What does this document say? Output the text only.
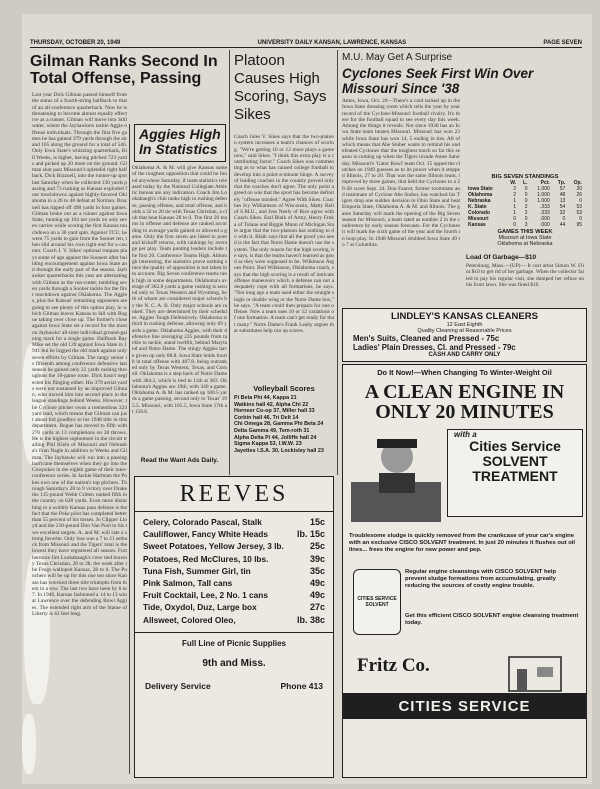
THURSDAY, OCTOBER 20, 1949	UNIVERSITY DAILY KANSAN, LAWRENCE, KANSAS	PAGE SEVEN
Gilman Ranks Second In Total Offense, Passing
Last year Dick Gilman passed himself from the status of a fourth-string halfback to that of an all-conference quarterback. Now he is threatening to become almost equally effective as a runner. Gilman will move into Stillwater, where the Jayhawkers tackle Aggie offense individuals. Through the first five games he has gained 379 yards through the air and 165 along the ground for a total of 546. Only Iowa State's whizzing quarterback, Bill Weeks, is higher, having pitched 723 yards and picked up 20 more on the ground. Gilman shot past Missouri's splendid right halfback, Dick Braznell, into the runner-up spot last Saturday when he collected 130 yards passing and 73 rushing as Kansas exploded four touchdowns against highly-favored Oklahoma in a 26 to 48 defeat at Norman. Braznell has ripped off 498 yards in four games. Gilman broke out as a runner against Iowa State, running up 104 net yards on only seven carries while scoring the first Kansas touchdown on a 36 yard spin. Against TCU, he went 75 yards to gain from the Sooner ten, then slid around his own right end for a counter. Coach J. V. Sikes' optional runpass plays some of age against the Sooners after building encouragement against Iowa State and through the early part of the season. Jayhawker quarterbacks this year are alternating with Gilman as the run-cutter, tumbling seven yards through a Sooner tackle for the first touchdown against Oklahoma. The Aggies, plus the Kansas' remaining opponents are going to see plenty of this option play, in which Gilman leaves Kansas to fall with Bogue taking over close up. The former's close against Iowa State set a record for the most on Jayhawks' all-time individual ground-gaining mark for a single game. Halfback Ray Mike set the old 139 against Iowa State in 1941 but he logged the old mark against only seven efforts by Gilman. The rangy senior is fifteenth among conference defensive last season he gained only 22 yards rushing throughout the 10-game route. Dick hasn't neglected his flinging either. His 379 aerial yards were not sustained by an improved Gilman, who moved him into second place in the league standings behind Weeks. However, the Cyclone pitcher owns a tremendous 324 yard lead, which means that Gilman can just about bid goodbye to his 1948 title in this department. Bogue has moved to fifth with 270 yards in 13 completions on 38 throws. He is the highest sophomore in the circuit trailing Phil Klein of Missouri and Nebraska's Fran Nagle in addition to Weeks and Gilman. The Jayhawks will run into a passing hurricane themselves when they go into the Cowpokes in the eighth game of their inter-conference series. In Jackie Hartman the Pokes own one of the nation's top pitchers. Through Saturday's 28 to 9 victory over Drake the 115-pound Webb Critten ranked fifth in the country on 628 yards. Even more disturbing to a wobbly Kansas pass defense is the fact that the Poke pilot has completed better than 55 percent of his tosses. Jo Clipper Lloyd and the 210-pound Don Van Pool to his two excellent targets. A. and M. will rate a strong favorite. Only loss was a 7 to 21 setback from Missouri and the Tigers' total is the lowest they have registered all season. Furthermore Jim Lookabaugh's crew tied brawny Texas Christian, 28 to 28, the week after the Frogs walloped Kansas, 28 to 0. The Punchers will be up for this one too since Kansas has wrecked three title triumphs from them in a row. The last two have been by 6 to 7. In 1946, Kansas fashioned a 14 to 13 win at Lawrence over the defending Bowl Aggies. The extended right arm of the Statue of Liberty is 42 feet long.
Aggies High In Statistics
Oklahoma A. & M. will give Kansas some of the roughest opposition that could be found anywhere Saturday, if team statistics released today by the National Collegiate Athletic bureau are any indication. Coach Jim Lookabaugh's club ranks high in rushing defense, passing offense, and total offense, and holds a 32 to 20 tie with Texas Christian, a club that beat Kansas 28 to 0. The first 20 teams in offense and defense are ranked according to average yards gained or allowed a game. Only the first seven are listed in punt and kickoff returns, with rankings by average per play. Team punting leaders include the first 20. Conference Teams High. Although interesting, the statistics prove nothing since the quality of opposition is not taken into account. Big Seven conference teams rank high in some departments. Oklahoma's average of 362.8 yards a game rushing is second only to Texas Western and Wyoming, both of whom are considered major schools by the N. C. A. B. Only major schools are ranked. They are determined by their schedules. Aggies Tough Defensively. Oklahoma is third in rushing defense, allowing only 69 yards a game. Oklahoma Aggies, with their defensive line averaging 225 pounds from tackle to tackle, stand twelfth, behind Maryland and Notre Dame. The stingy Aggies have given up only 88.8. Iowa State holds fourth in total offense with 407.8, being outranked only by Texas Western, Texas, and Cornell. Oklahoma is a step back of Notre Dame with 384.2, which is tied in 11th at 383. Oklahoma's Aggies are 19th, with 340 a game. Oklahoma A. & M. has ranked up 180.5 yards a game passing, second only to Texas' 195.5. Missouri, with 165.5, Iowa State 17th at 158.6.
Read the Want Ads Daily.
Platoon Causes High Scoring, Says Sikes
Coach Jules V. Sikes says that the two-platoon system increases a team's chances of scoring. "We're getting 10 or 12 more plays a game now," said Sikes. "I think this extra play is a contributing factor." Coach Sikes was commenting as to what has caused college football to develop into a point-a-minute binge. A survey of leading coaches in the country proved only that the coaches don't agree. The only point agreed on was that the sport has become definitely "offense minded." Agree With Sikes. Coaches Ivy Williamson of Wisconsin, Matty Bell of S.M.U., and Jess Neely of Rice agree with Coach Sikes. Earl Blaik of Army, Henry Frnka of Tulane and Biggie Munn of Michigan State argue that the two-platoon has nothing to do with it. Blaik says that all the proof you need is the fact that Notre Dame doesn't use the system. The only reason for the high scoring, he says, is that the teams haven't learned as good as they were supposed to be. Wilkinson Argues Point. Bud Wilkinson, Oklahoma coach, says that the high scoring is a result of intricate offense maneuvers which a defense can not adequately cope with all formations, he says. "Not long ago a team used either the straight single or double wing or the Notre Dame box," he says. "A team could then prepare for one offense. Now a team uses 10 or 12 variations of one formation. A team can't get ready for that many." Notre Dame's Frank Leahy argues that substitutes help run up scores.
Volleyball Scores
Pi Beta Phi 44, Kappa 21
Watkins hall 42, Alpha Chi 22
Horneer Co-op 37, Miller hall 33
Corbin hall 46, Tri Delt 14
Chi Omega 28, Gamma Phi Beta 24
Delta Gamma 49, Tem-roth 31
Alpha Delta Pi 44, Jolliffe hall 24
Sigma Kappa 53, I.W.W. 23
Jayettes I.S.A. 30, Lockisley hall 23
M.U. May Get A Surprise
Cyclones Seek First Win Over Missouri Since '38
Ames, Iowa, Oct. 20—There's a card tacked up in the Iowa State dressing room which tells the year by year record of the Cyclone-Missouri football rivalry. It's there for the football squad to see every day this week. Among the things it reveals: Not since 1938 has an Iowa State team beaten Missouri. Missouri has won 23 while Iowa State has won 14, 5 ending in ties. All of which means that Abe Stuber wants to remind his undefeated Cyclones that the toughest touch so far this season is coming up when the Tigers invade Ames Saturday. Missouri's 'Gator Bowl' team Oct. 15 upped the clutches on 1949 guesses as to its power when it stopped Illinois, 27 to 20. That was the same Illinois team, improved by three games, that held the Cyclones to a 20-20 score Sept. 24. Don Faurot, former roommate and teammate of Cyclone Abe Stuber, has watched his Tigers drop one sudden decision to Ohio State and beat Emporia State, Oklahoma A. & M. and Illinois. The game Saturday will mark the opening of the Big Seven season for Missouri, a team rated as number 2 in the conference by early season forecasts. For the Cyclones it will mark the sixth game of the year and the fourth in loop play. In 1948 Missouri drubbed Iowa State 49 to 7 at Columbia.
BIG SEVEN STANDINGS
	W.	L.	Pct.	Tp.	Op.
Iowa State	2	0	1.000	57	20
Oklahoma	2	0	1.000	48	26
Nebraska	1	0	1.000	13	0
K. State	1	2	.333	54	53
Colorado	1	2	.333	32	53
Missouri	0	0	.000	0	0
Kansas	0	3	.000	44	95
GAMES THIS WEEK
Missouri at Iowa State
Oklahoma at Nebraska
Load Of Garbage—$10
Petersburg, Mass.—(UP)— It cost artist Simon W. Flint $10 to get rid of her garbage. When the collector failed to pay his regular visit, she dumped her refuse on his front lawn. She was fined $10.
LINDLEY'S KANSAS CLEANERS
12 East Eighth
Quality Cleaning at Reasonable Prices
Men's Suits, Cleaned and Pressed - 75c
Ladies' Plain Dresses, Cl. and Pressed - 79c
CASH AND CARRY ONLY
Do It Now!—When Changing To Winter-Weight Oil
A CLEAN ENGINE IN ONLY 20 MINUTES
with a
Cities Service SOLVENT TREATMENT
Troublesome sludge is quickly removed from the crankcase of your car's engine with an exclusive CISCO SOLVENT treatment. In just 20 minutes it flushes out oil lines... frees the engine for new power and pep.
CITIES SERVICE SOLVENT
Regular engine cleansings with CISCO SOLVENT help prevent sludge formations from accumulating, greatly reducing the sources of costly engine trouble.
Get this efficient CISCO SOLVENT engine cleansing treatment today.
Fritz Co.
CITIES SERVICE
REEVES
Celery, Colorado Pascal, Stalk	15c
Cauliflower, Fancy White Heads	lb. 15c
Sweet Potatoes, Yellow Jersey, 3 lb.	25c
Potatoes, Red McClures, 10 lbs.	39c
Tuna Fish, Summer Girl, tin	35c
Pink Salmon, Tall cans	49c
Fruit Cocktail, Lee, 2 No. 1 cans	49c
Tide, Oxydol, Duz, Large box	27c
Allsweet, Colored Oleo,	lb. 38c
Full Line of Picnic Supplies
9th and Miss.
Delivery Service	Phone 413
